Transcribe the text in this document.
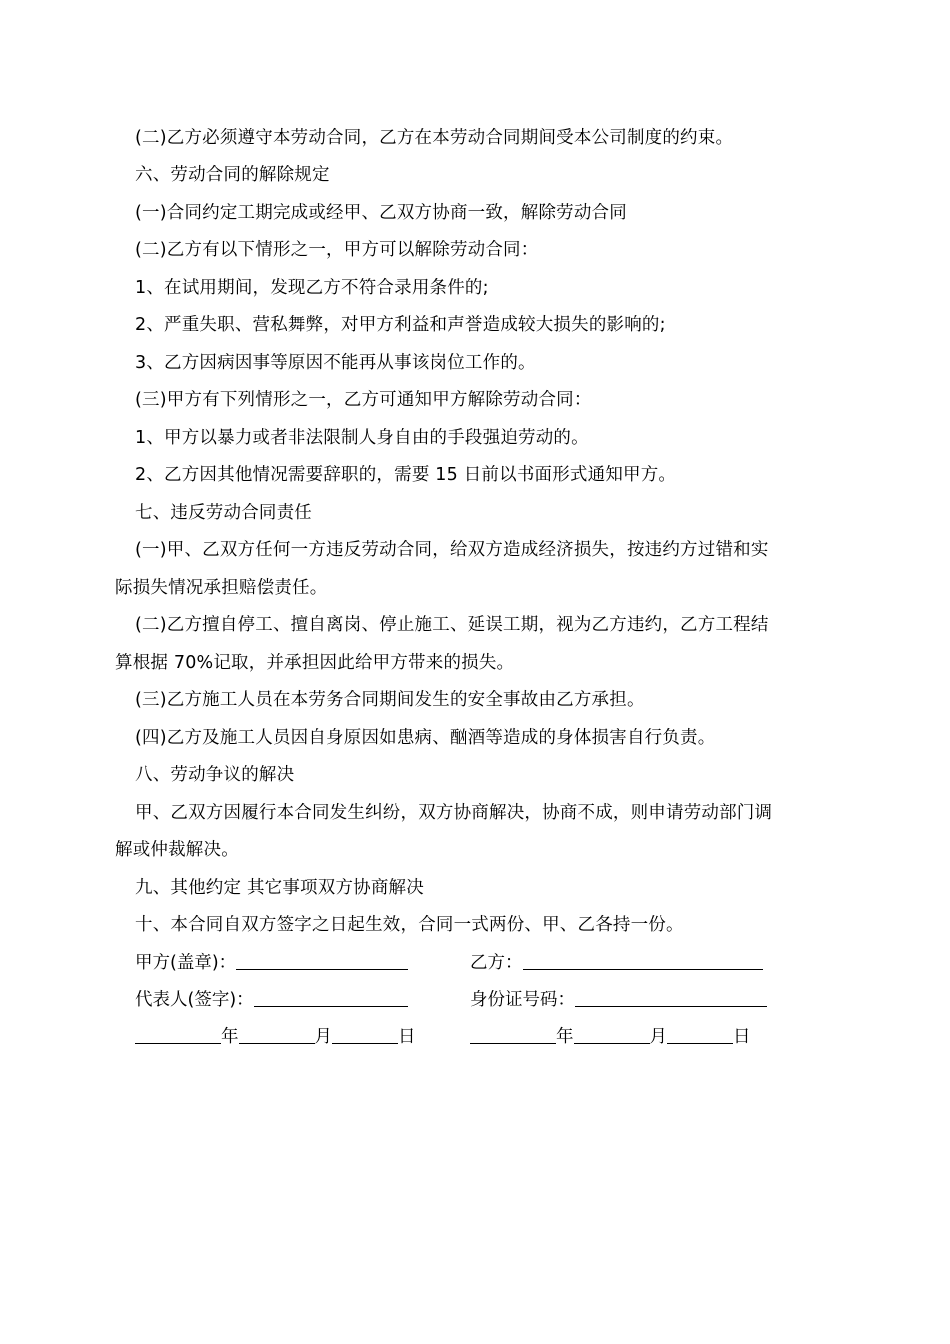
(二)乙方必须遵守本劳动合同，乙方在本劳动合同期间受本公司制度的约束。
六、劳动合同的解除规定
(一)合同约定工期完成或经甲、乙双方协商一致，解除劳动合同
(二)乙方有以下情形之一，甲方可以解除劳动合同：
1、在试用期间，发现乙方不符合录用条件的;
2、严重失职、营私舞弊，对甲方利益和声誉造成较大损失的影响的;
3、乙方因病因事等原因不能再从事该岗位工作的。
(三)甲方有下列情形之一，乙方可通知甲方解除劳动合同：
1、甲方以暴力或者非法限制人身自由的手段强迫劳动的。
2、乙方因其他情况需要辞职的，需要 15 日前以书面形式通知甲方。
七、违反劳动合同责任
(一)甲、乙双方任何一方违反劳动合同，给双方造成经济损失，按违约方过错和实
际损失情况承担赔偿责任。
(二)乙方擅自停工、擅自离岗、停止施工、延误工期，视为乙方违约，乙方工程结
算根据 70%记取，并承担因此给甲方带来的损失。
(三)乙方施工人员在本劳务合同期间发生的安全事故由乙方承担。
(四)乙方及施工人员因自身原因如患病、酗酒等造成的身体损害自行负责。
八、劳动争议的解决
甲、乙双方因履行本合同发生纠纷，双方协商解决，协商不成，则申请劳动部门调
解或仲裁解决。
九、其他约定 其它事项双方协商解决
十、本合同自双方签字之日起生效，合同一式两份、甲、乙各持一份。
甲方(盖章)：	乙方：
代表人(签字)：	身份证号码：
年	月	日	年	月	日
